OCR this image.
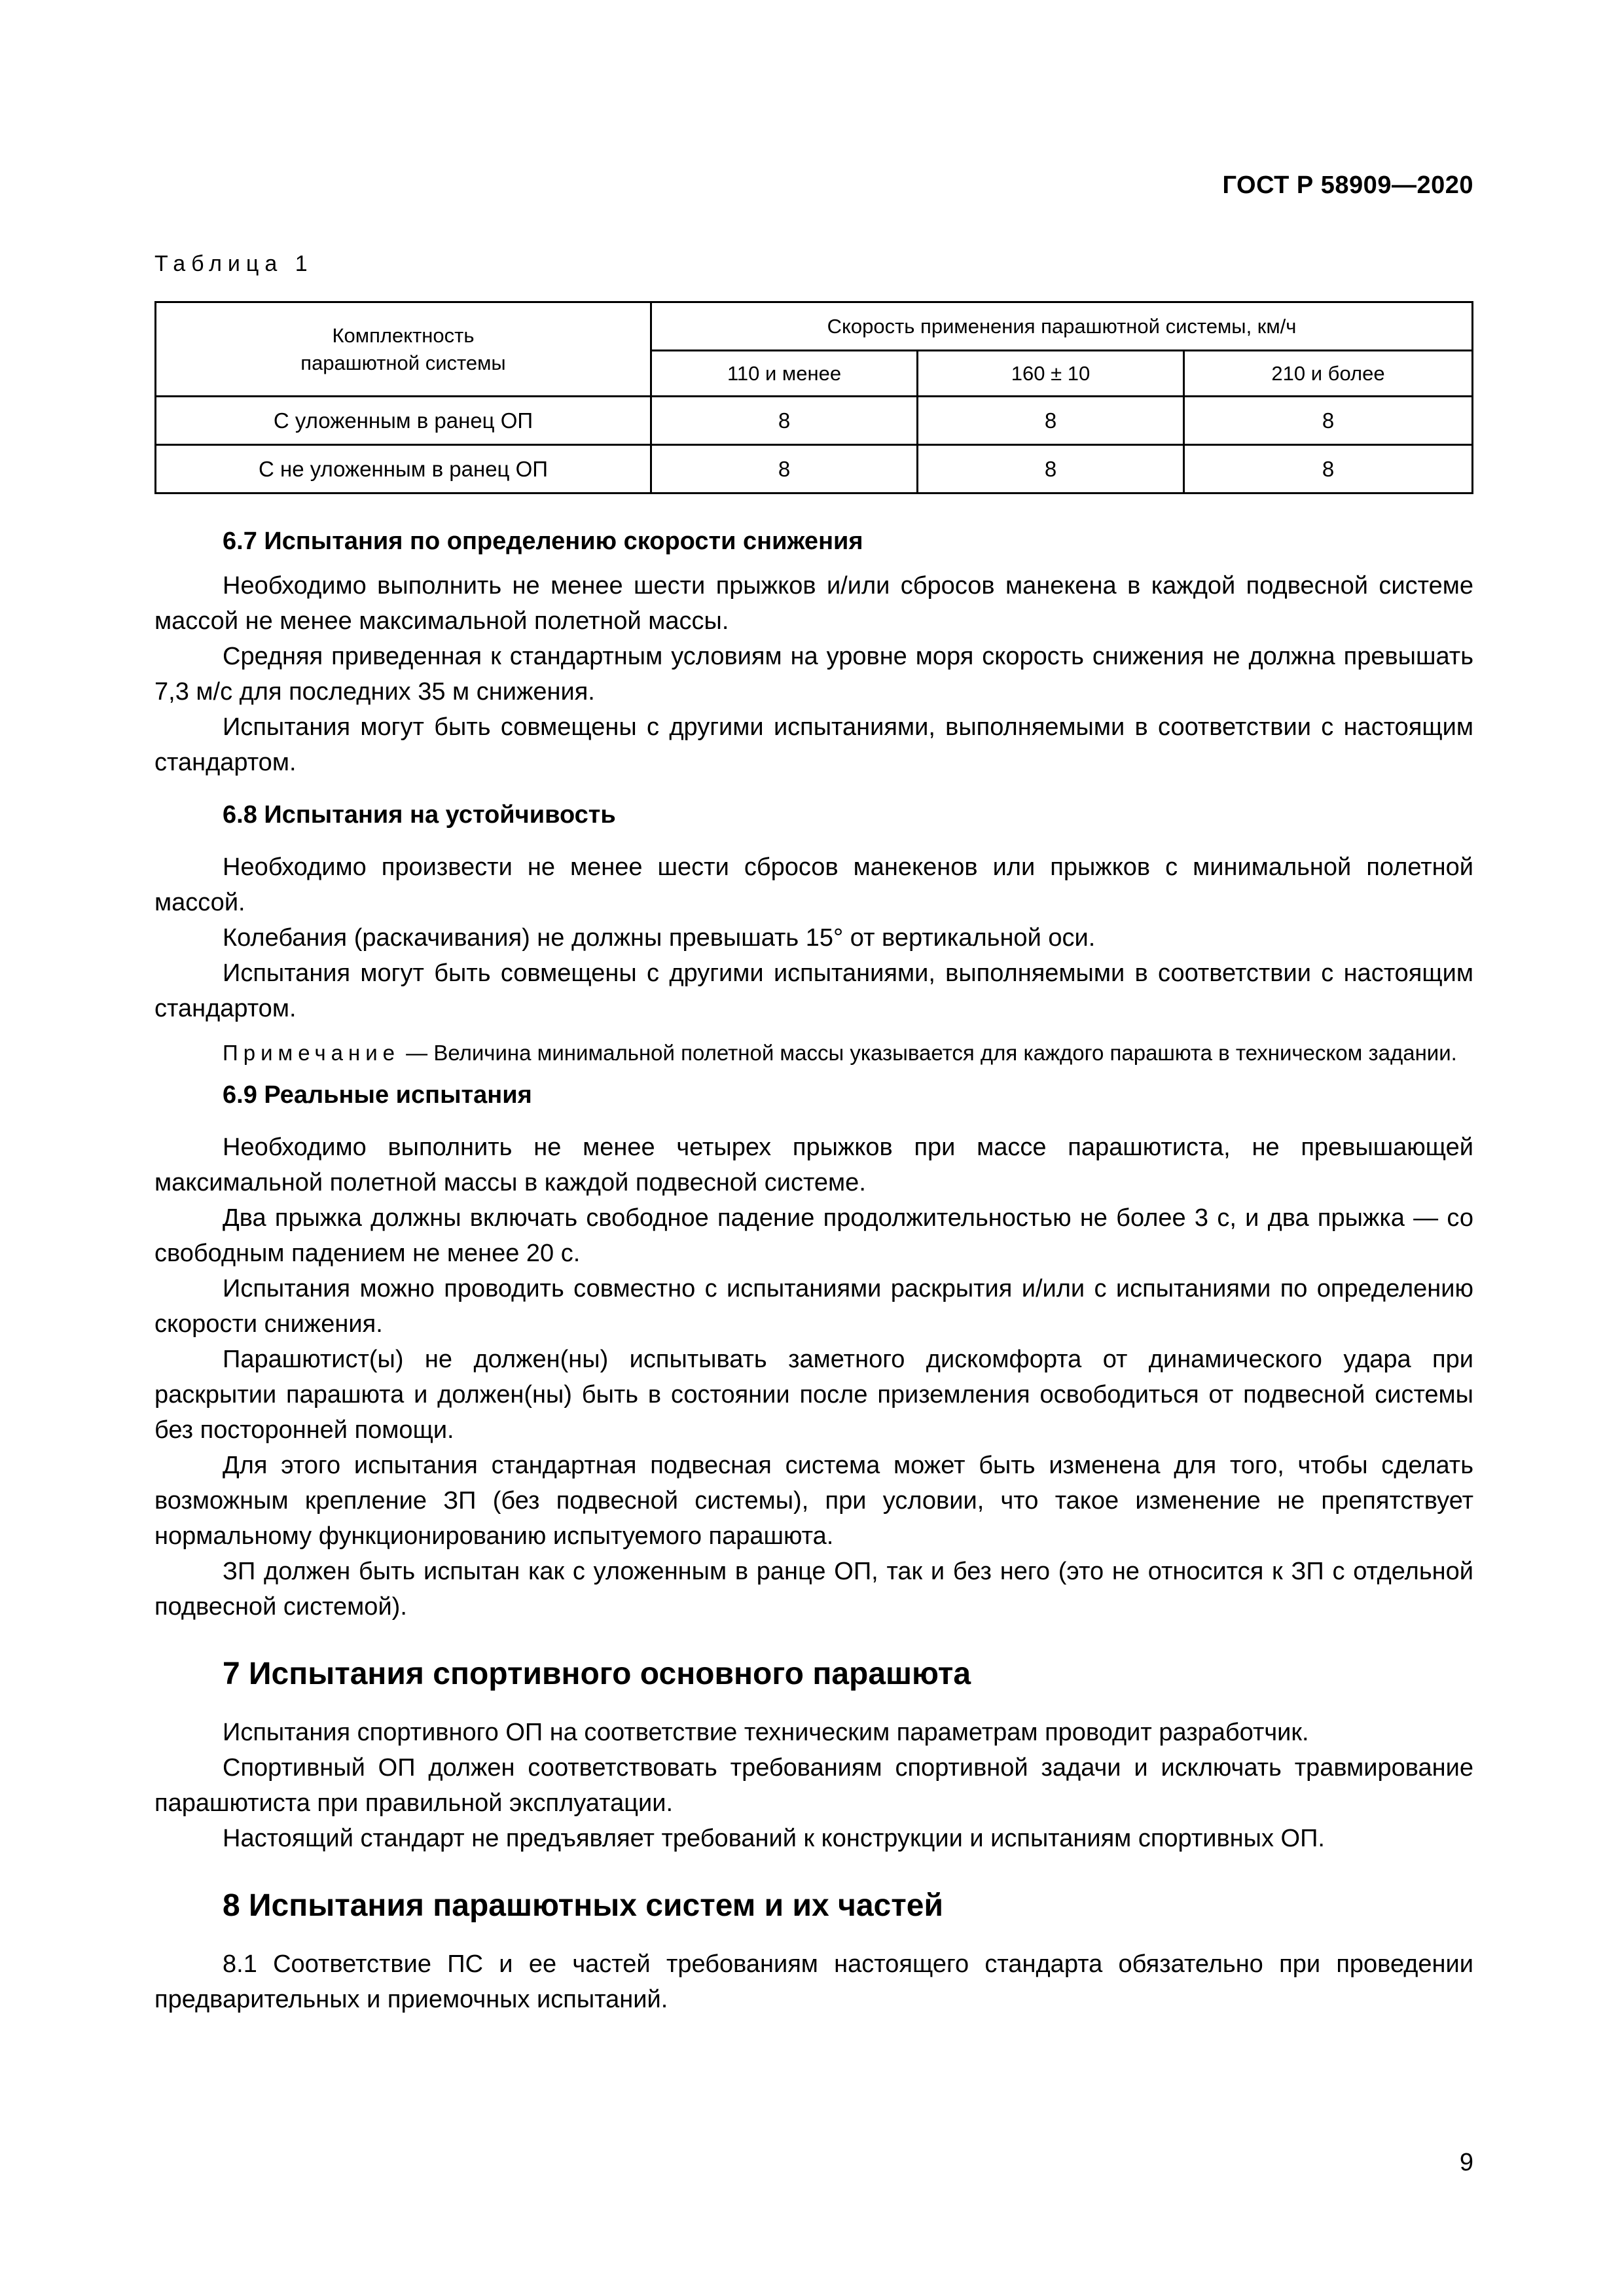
ГОСТ Р 58909—2020
Таблица 1
Комплектность
парашютной системы	Скорость применения парашютной системы, км/ч		
	110 и менее	160 ± 10	210 и более
С уложенным в ранец ОП	8	8	8
С не уложенным в ранец ОП	8	8	8
6.7 Испытания по определению скорости снижения

Необходимо выполнить не менее шести прыжков и/или сбросов манекена в каждой подвесной системе массой не менее максимальной полетной массы.

Средняя приведенная к стандартным условиям на уровне моря скорость снижения не должна превышать 7,3 м/с для последних 35 м снижения.

Испытания могут быть совмещены с другими испытаниями, выполняемыми в соответствии с настоящим стандартом.

6.8 Испытания на устойчивость

Необходимо произвести не менее шести сбросов манекенов или прыжков с минимальной полетной массой.

Колебания (раскачивания) не должны превышать 15° от вертикальной оси.

Испытания могут быть совмещены с другими испытаниями, выполняемыми в соответствии с настоящим стандартом.

Примечание — Величина минимальной полетной массы указывается для каждого парашюта в техническом задании.

6.9 Реальные испытания

Необходимо выполнить не менее четырех прыжков при массе парашютиста, не превышающей максимальной полетной массы в каждой подвесной системе.

Два прыжка должны включать свободное падение продолжительностью не более 3 с, и два прыжка — со свободным падением не менее 20 с.

Испытания можно проводить совместно с испытаниями раскрытия и/или с испытаниями по определению скорости снижения.

Парашютист(ы) не должен(ны) испытывать заметного дискомфорта от динамического удара при раскрытии парашюта и должен(ны) быть в состоянии после приземления освободиться от подвесной системы без посторонней помощи.

Для этого испытания стандартная подвесная система может быть изменена для того, чтобы сделать возможным крепление ЗП (без подвесной системы), при условии, что такое изменение не препятствует нормальному функционированию испытуемого парашюта.

ЗП должен быть испытан как с уложенным в ранце ОП, так и без него (это не относится к ЗП с отдельной подвесной системой).

7 Испытания спортивного основного парашюта

Испытания спортивного ОП на соответствие техническим параметрам проводит разработчик.

Спортивный ОП должен соответствовать требованиям спортивной задачи и исключать травмирование парашютиста при правильной эксплуатации.

Настоящий стандарт не предъявляет требований к конструкции и испытаниям спортивных ОП.

8 Испытания парашютных систем и их частей

8.1 Соответствие ПС и ее частей требованиям настоящего стандарта обязательно при проведении предварительных и приемочных испытаний.

9
